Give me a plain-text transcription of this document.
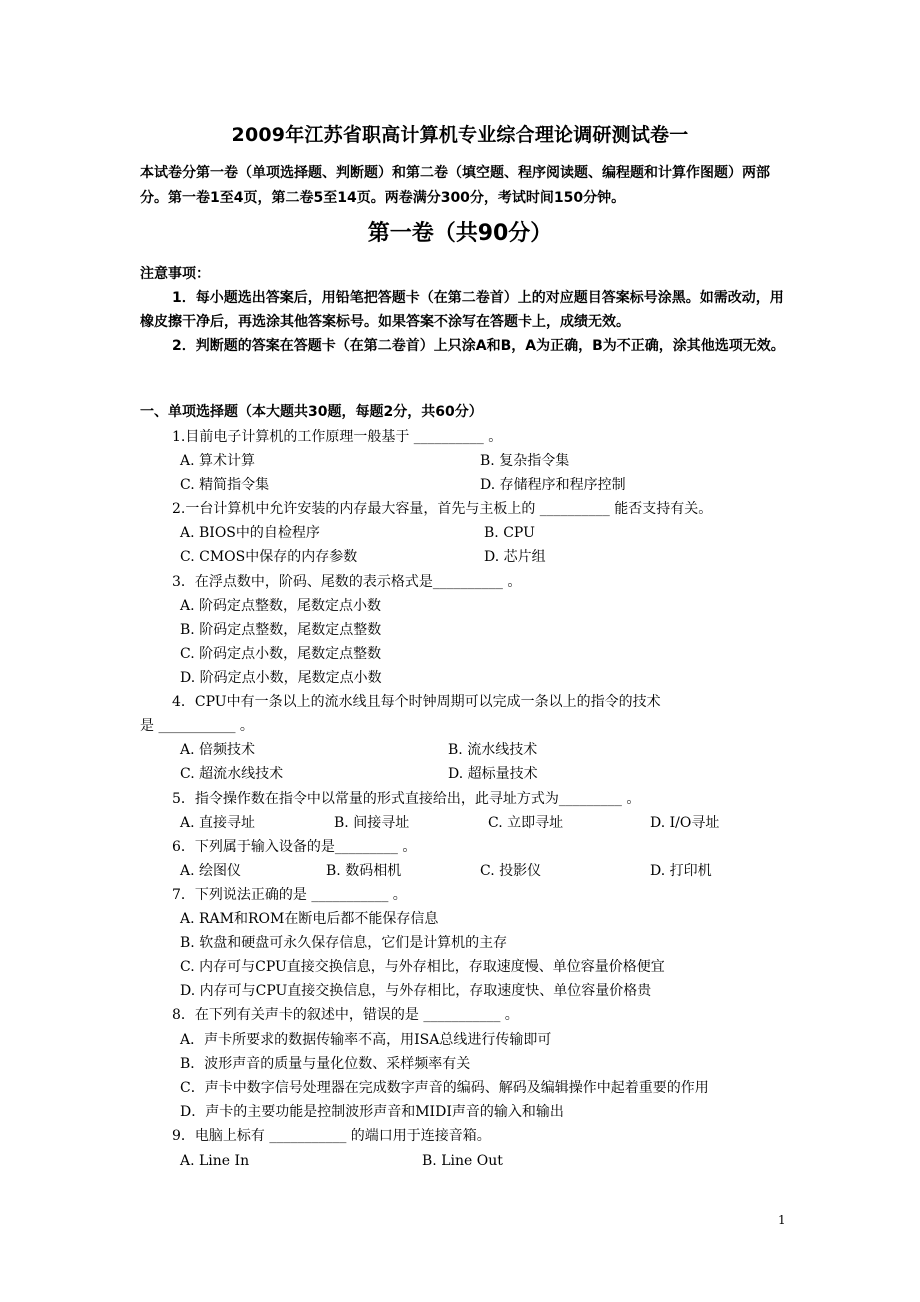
2009年江苏省职高计算机专业综合理论调研测试卷一
本试卷分第一卷（单项选择题、判断题）和第二卷（填空题、程序阅读题、编程题和计算作图题）两部分。第一卷1至4页，第二卷5至14页。两卷满分300分，考试时间150分钟。
第一卷（共90分）

注意事项：

1．每小题选出答案后，用铅笔把答题卡（在第二卷首）上的对应题目答案标号涂黑。如需改动，用橡皮擦干净后，再选涂其他答案标号。如果答案不涂写在答题卡上，成绩无效。

2．判断题的答案在答题卡（在第二卷首）上只涂A和B，A为正确，B为不正确，涂其他选项无效。

一、单项选择题（本大题共30题，每题2分，共60分）
1.目前电子计算机的工作原理一般基于 __________ 。
A. 算术计算	B. 复杂指令集
C. 精简指令集	D. 存储程序和程序控制
2.一台计算机中允许安装的内存最大容量，首先与主板上的 __________ 能否支持有关。
A. BIOS中的自检程序	B. CPU
C. CMOS中保存的内存参数	D. 芯片组
3．在浮点数中，阶码、尾数的表示格式是__________ 。
A. 阶码定点整数，尾数定点小数
B. 阶码定点整数，尾数定点整数
C. 阶码定点小数，尾数定点整数
D. 阶码定点小数，尾数定点小数
4．CPU中有一条以上的流水线且每个时钟周期可以完成一条以上的指令的技术
是 ___________ 。
A. 倍频技术	B. 流水线技术
C. 超流水线技术	D. 超标量技术
5．指令操作数在指令中以常量的形式直接给出，此寻址方式为_________ 。
A. 直接寻址	B. 间接寻址	C. 立即寻址	D. I/O寻址
6．下列属于输入设备的是_________ 。
A. 绘图仪	B. 数码相机	C. 投影仪	D. 打印机
7．下列说法正确的是 ___________ 。
A. RAM和ROM在断电后都不能保存信息
B. 软盘和硬盘可永久保存信息，它们是计算机的主存
C. 内存可与CPU直接交换信息，与外存相比，存取速度慢、单位容量价格便宜
D. 内存可与CPU直接交换信息，与外存相比，存取速度快、单位容量价格贵
8．在下列有关声卡的叙述中，错误的是 ___________ 。
A．声卡所要求的数据传输率不高，用ISA总线进行传输即可
B．波形声音的质量与量化位数、采样频率有关
C．声卡中数字信号处理器在完成数字声音的编码、解码及编辑操作中起着重要的作用
D．声卡的主要功能是控制波形声音和MIDI声音的输入和输出
9．电脑上标有 ___________ 的端口用于连接音箱。
A. Line In	B. Line Out
1
